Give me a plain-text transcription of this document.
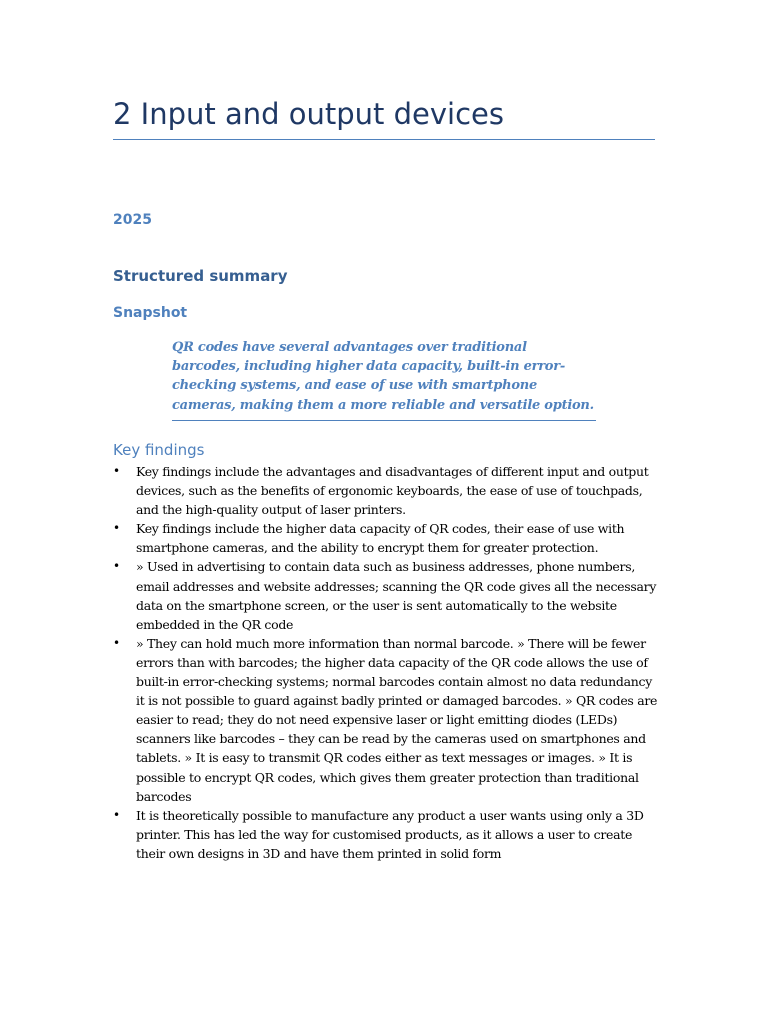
2 Input and output devices
2025
Structured summary
Snapshot

QR codes have several advantages over traditional barcodes, including higher data capacity, built-in error-checking systems, and ease of use with smartphone cameras, making them a more reliable and versatile option.

Key findings
• Key findings include the advantages and disadvantages of different input and output devices, such as the benefits of ergonomic keyboards, the ease of use of touchpads, and the high-quality output of laser printers.
• Key findings include the higher data capacity of QR codes, their ease of use with smartphone cameras, and the ability to encrypt them for greater protection.
• » Used in advertising to contain data such as business addresses, phone numbers, email addresses and website addresses; scanning the QR code gives all the necessary data on the smartphone screen, or the user is sent automatically to the website embedded in the QR code
• » They can hold much more information than normal barcode. » There will be fewer errors than with barcodes; the higher data capacity of the QR code allows the use of built-in error-checking systems; normal barcodes contain almost no data redundancy it is not possible to guard against badly printed or damaged barcodes. » QR codes are easier to read; they do not need expensive laser or light emitting diodes (LEDs) scanners like barcodes – they can be read by the cameras used on smartphones and tablets. » It is easy to transmit QR codes either as text messages or images. » It is possible to encrypt QR codes, which gives them greater protection than traditional barcodes
• It is theoretically possible to manufacture any product a user wants using only a 3D printer. This has led the way for customised products, as it allows a user to create their own designs in 3D and have them printed in solid form
